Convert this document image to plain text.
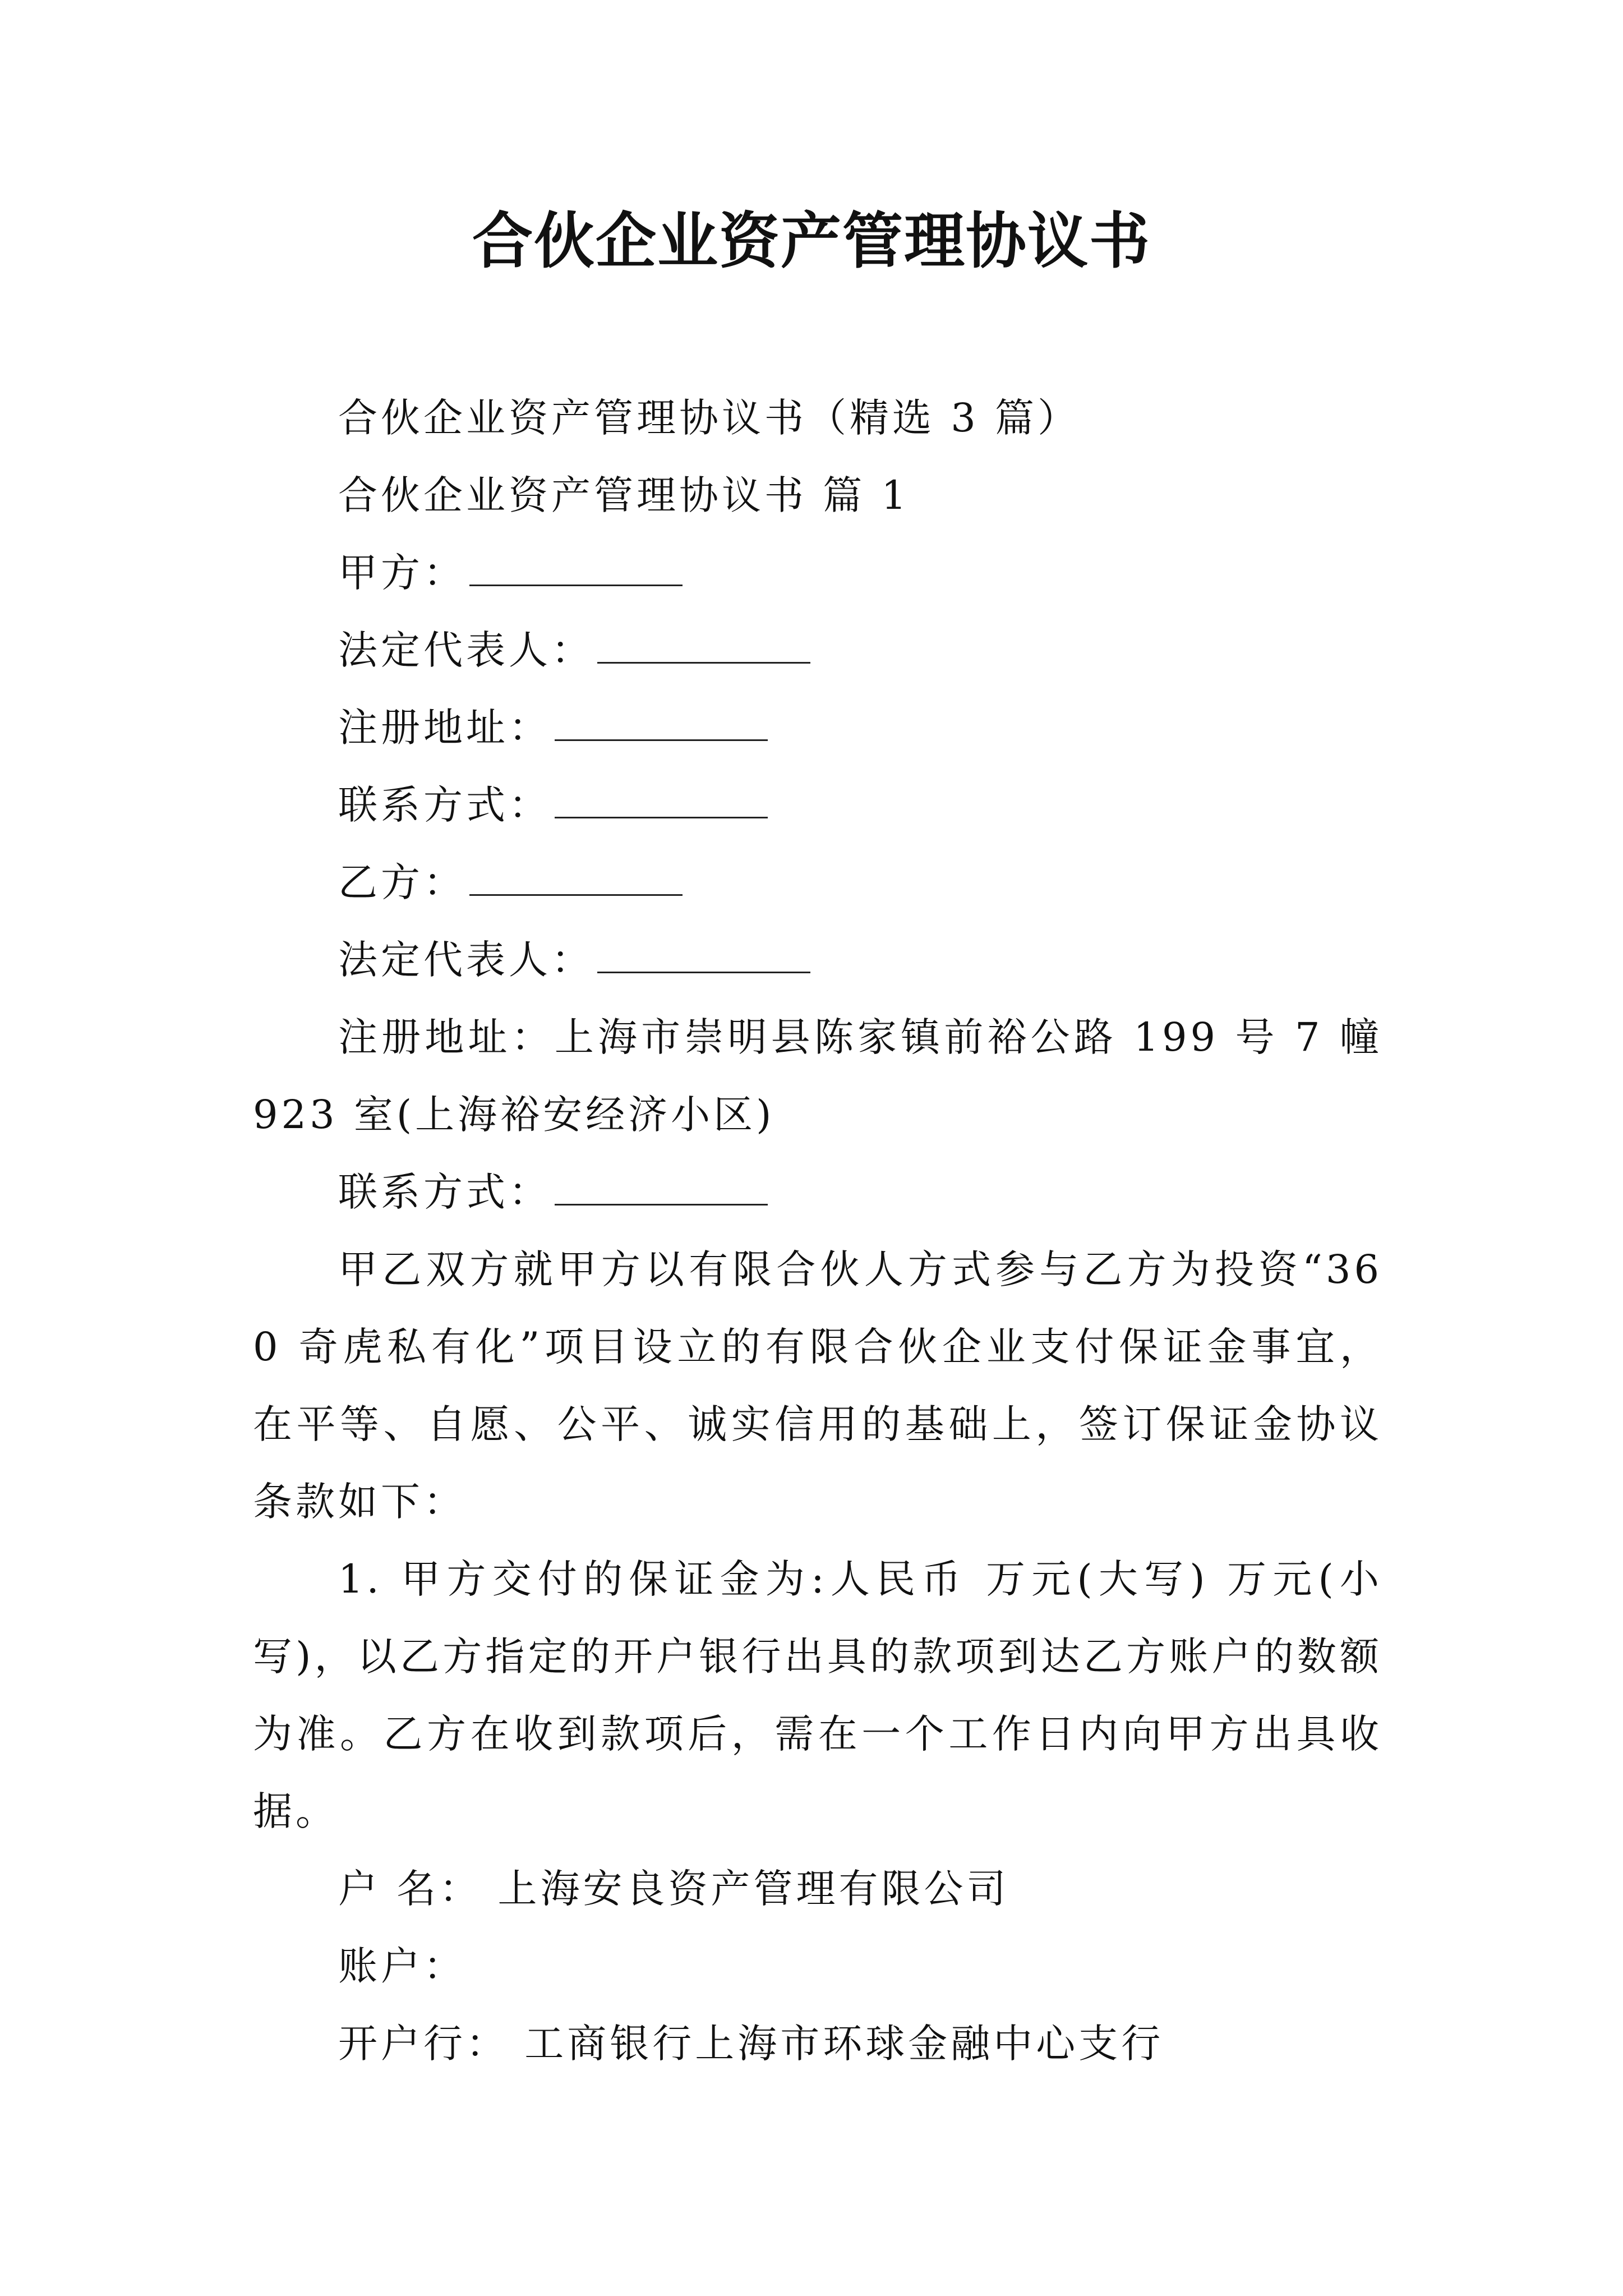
合伙企业资产管理协议书

合伙企业资产管理协议书（精选 3 篇）

合伙企业资产管理协议书 篇 1

甲方：

法定代表人：

注册地址：

联系方式：

乙方：

法定代表人：

注册地址：上海市崇明县陈家镇前裕公路 199 号 7 幢 923 室(上海裕安经济小区)

联系方式：

甲乙双方就甲方以有限合伙人方式参与乙方为投资“360 奇虎私有化”项目设立的有限合伙企业支付保证金事宜，在平等、自愿、公平、诚实信用的基础上，签订保证金协议条款如下：

1. 甲方交付的保证金为:人民币 万元(大写) 万元(小写)，以乙方指定的开户银行出具的款项到达乙方账户的数额为准。乙方在收到款项后，需在一个工作日内向甲方出具收据。

户 名： 上海安良资产管理有限公司

账户：

开户行： 工商银行上海市环球金融中心支行
